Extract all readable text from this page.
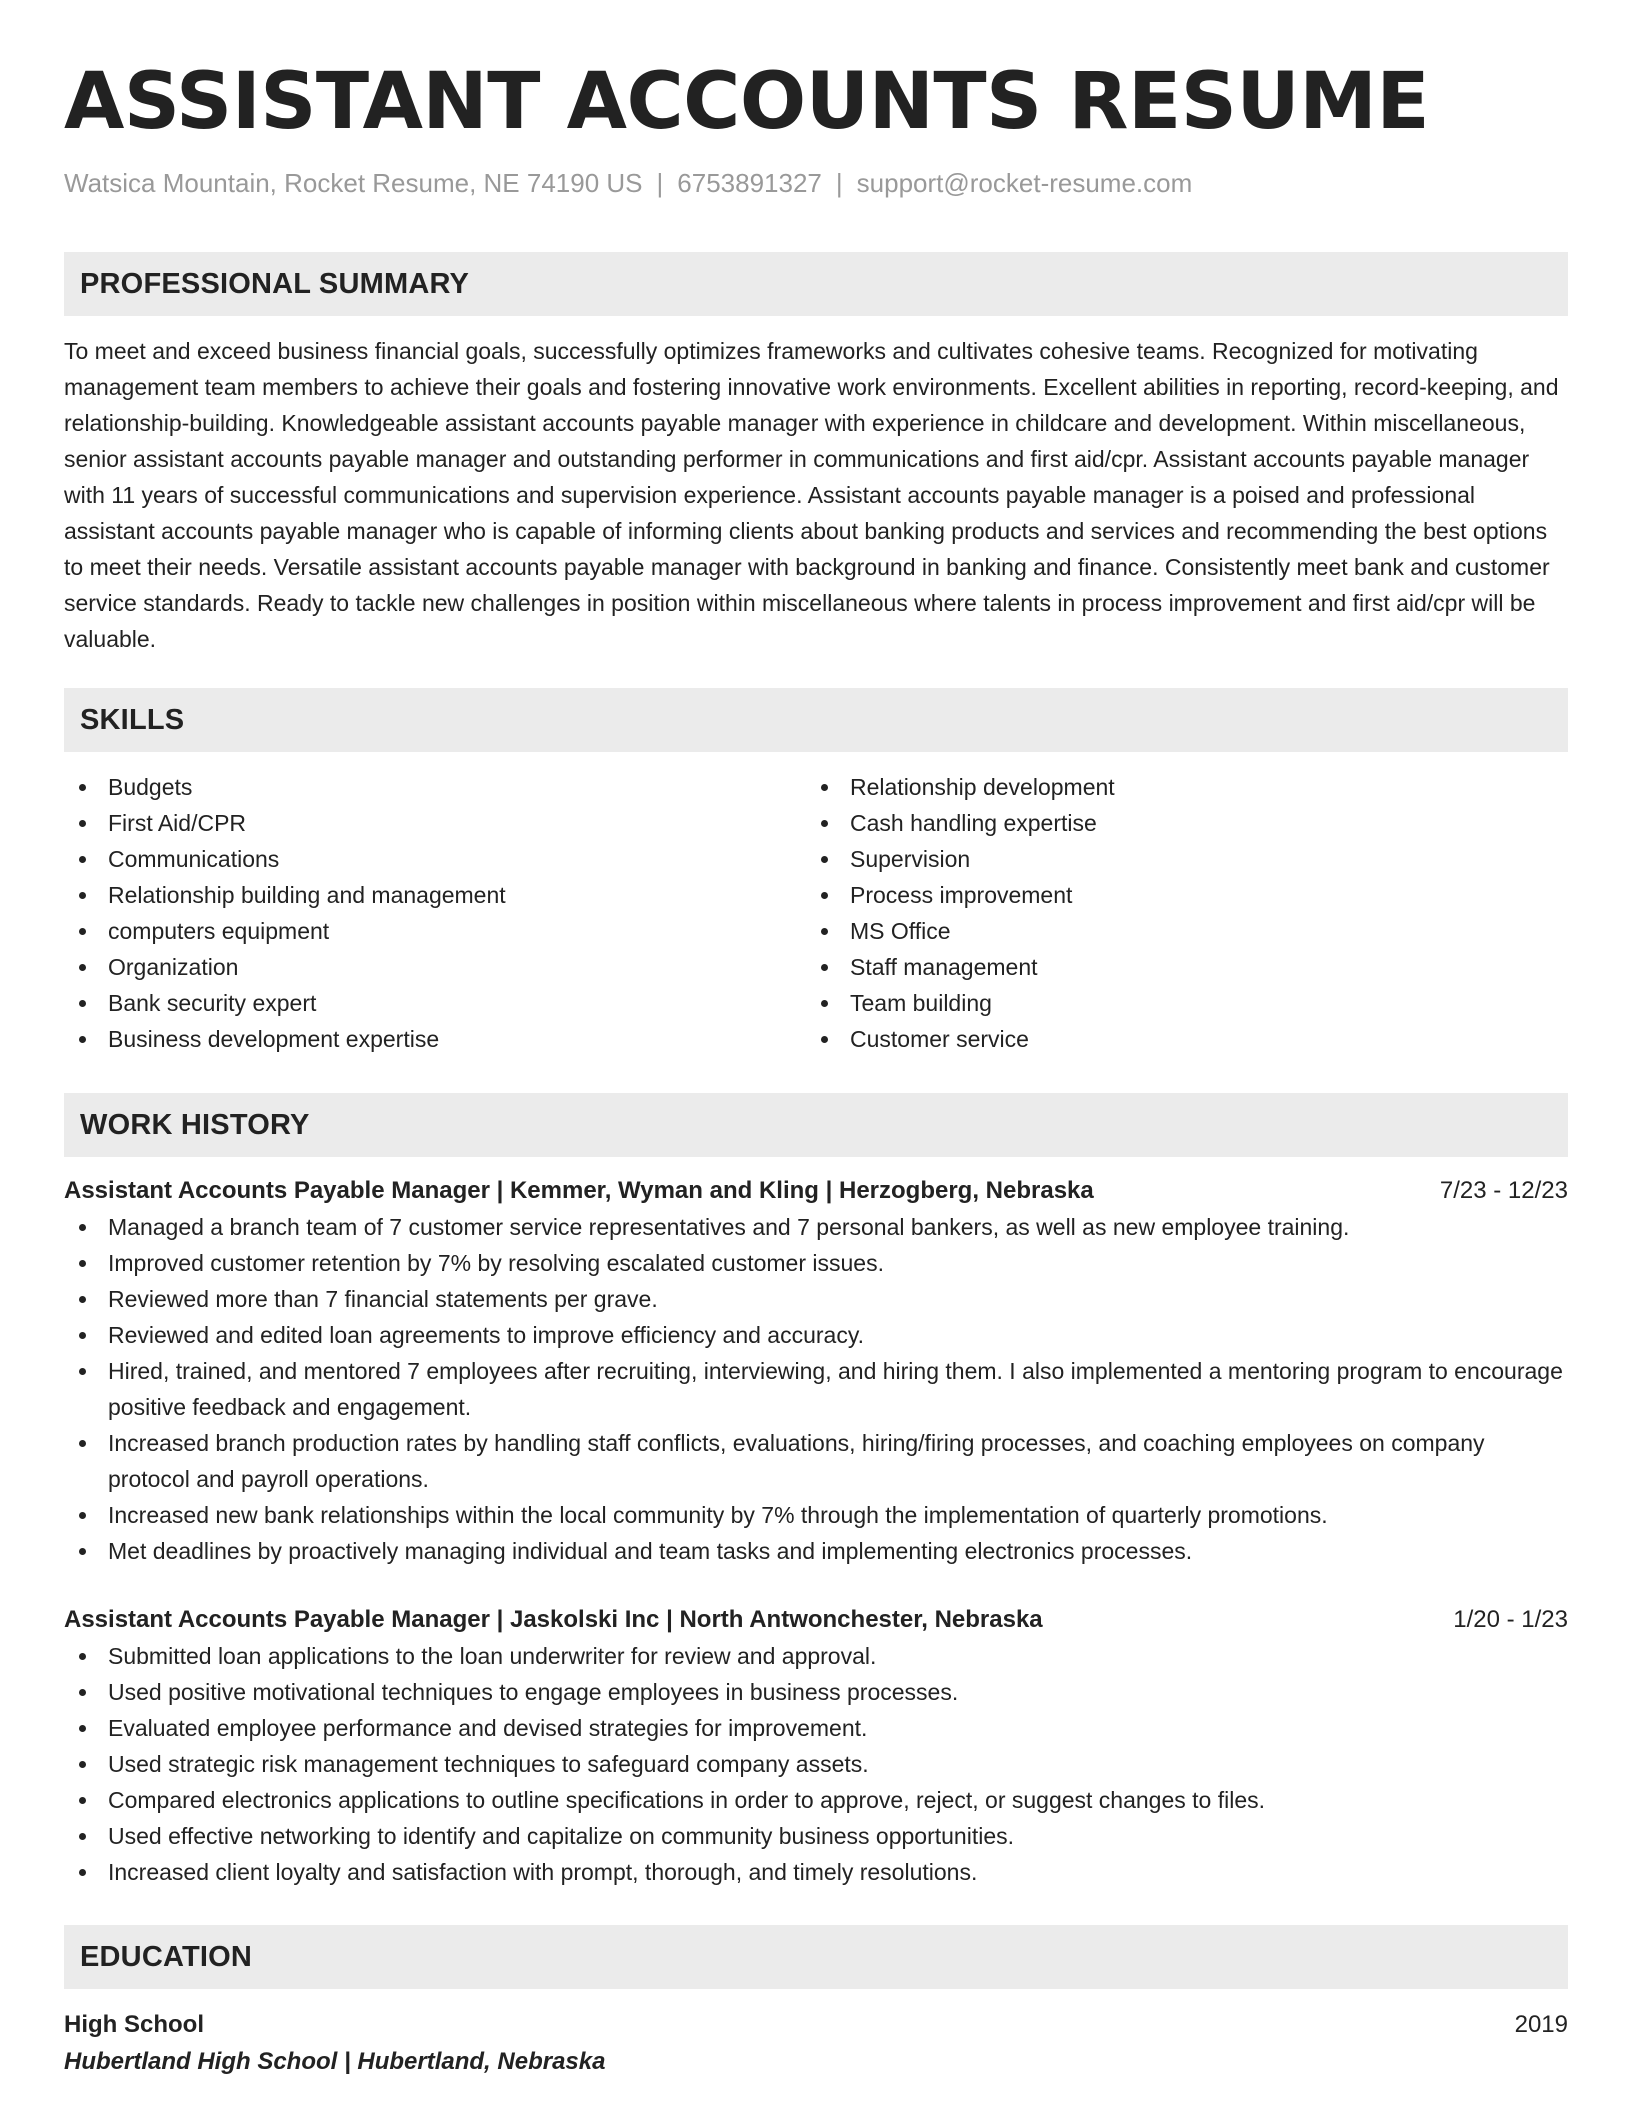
ASSISTANT ACCOUNTS RESUME
Watsica Mountain, Rocket Resume, NE 74190 US | 6753891327 | support@rocket-resume.com
PROFESSIONAL SUMMARY

To meet and exceed business financial goals, successfully optimizes frameworks and cultivates cohesive teams. Recognized for motivating management team members to achieve their goals and fostering innovative work environments. Excellent abilities in reporting, record-keeping, and relationship-building. Knowledgeable assistant accounts payable manager with experience in childcare and development. Within miscellaneous, senior assistant accounts payable manager and outstanding performer in communications and first aid/cpr. Assistant accounts payable manager with 11 years of successful communications and supervision experience. Assistant accounts payable manager is a poised and professional assistant accounts payable manager who is capable of informing clients about banking products and services and recommending the best options to meet their needs. Versatile assistant accounts payable manager with background in banking and finance. Consistently meet bank and customer service standards. Ready to tackle new challenges in position within miscellaneous where talents in process improvement and first aid/cpr will be valuable.

SKILLS
Budgets
First Aid/CPR
Communications
Relationship building and management
computers equipment
Organization
Bank security expert
Business development expertise
Relationship development
Cash handling expertise
Supervision
Process improvement
MS Office
Staff management
Team building
Customer service
WORK HISTORY
Assistant Accounts Payable Manager | Kemmer, Wyman and Kling | Herzogberg, Nebraska	7/23 - 12/23
Managed a branch team of 7 customer service representatives and 7 personal bankers, as well as new employee training.
Improved customer retention by 7% by resolving escalated customer issues.
Reviewed more than 7 financial statements per grave.
Reviewed and edited loan agreements to improve efficiency and accuracy.
Hired, trained, and mentored 7 employees after recruiting, interviewing, and hiring them. I also implemented a mentoring program to encourage positive feedback and engagement.
Increased branch production rates by handling staff conflicts, evaluations, hiring/firing processes, and coaching employees on company protocol and payroll operations.
Increased new bank relationships within the local community by 7% through the implementation of quarterly promotions.
Met deadlines by proactively managing individual and team tasks and implementing electronics processes.
Assistant Accounts Payable Manager | Jaskolski Inc | North Antwonchester, Nebraska	1/20 - 1/23
Submitted loan applications to the loan underwriter for review and approval.
Used positive motivational techniques to engage employees in business processes.
Evaluated employee performance and devised strategies for improvement.
Used strategic risk management techniques to safeguard company assets.
Compared electronics applications to outline specifications in order to approve, reject, or suggest changes to files.
Used effective networking to identify and capitalize on community business opportunities.
Increased client loyalty and satisfaction with prompt, thorough, and timely resolutions.
EDUCATION
High School	2019
Hubertland High School | Hubertland, Nebraska
